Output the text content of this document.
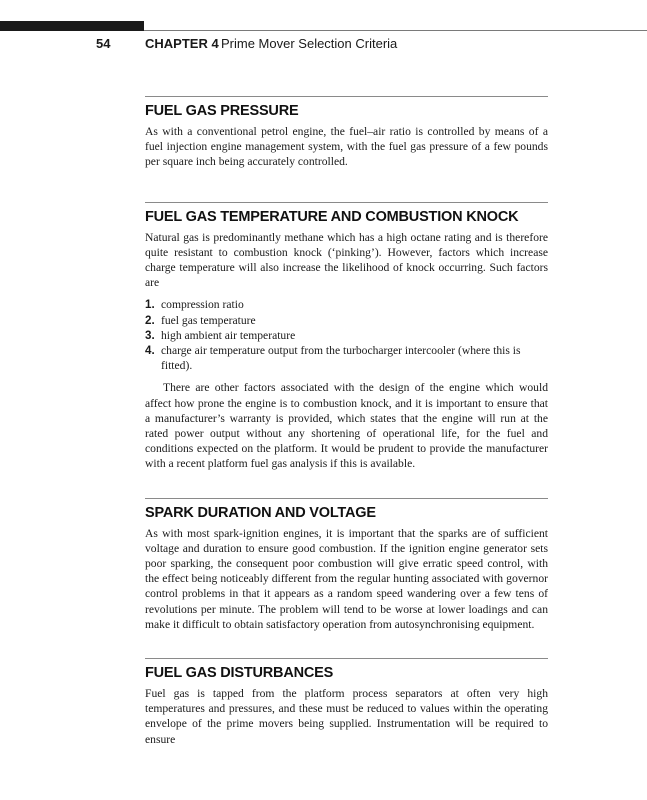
54	CHAPTER 4 Prime Mover Selection Criteria
FUEL GAS PRESSURE

As with a conventional petrol engine, the fuel–air ratio is controlled by means of a fuel injection engine management system, with the fuel gas pressure of a few pounds per square inch being accurately controlled.

FUEL GAS TEMPERATURE AND COMBUSTION KNOCK

Natural gas is predominantly methane which has a high octane rating and is therefore quite resistant to combustion knock (‘pinking’). However, factors which increase charge temperature will also increase the likelihood of knock occurring. Such factors are

1. compression ratio
2. fuel gas temperature
3. high ambient air temperature
4. charge air temperature output from the turbocharger intercooler (where this is fitted).

There are other factors associated with the design of the engine which would affect how prone the engine is to combustion knock, and it is important to ensure that a manufacturer’s warranty is provided, which states that the engine will run at the rated power output without any shortening of operational life, for the fuel and conditions expected on the platform. It would be prudent to provide the manufacturer with a recent platform fuel gas analysis if this is available.

SPARK DURATION AND VOLTAGE

As with most spark-ignition engines, it is important that the sparks are of sufficient voltage and duration to ensure good combustion. If the ignition engine generator sets poor sparking, the consequent poor combustion will give erratic speed control, with the effect being noticeably different from the regular hunting associated with governor control problems in that it appears as a random speed wandering over a few tens of revolutions per minute. The problem will tend to be worse at lower loadings and can make it difficult to obtain satisfactory operation from autosynchronising equipment.

FUEL GAS DISTURBANCES

Fuel gas is tapped from the platform process separators at often very high temperatures and pressures, and these must be reduced to values within the operating envelope of the prime movers being supplied. Instrumentation will be required to ensure
